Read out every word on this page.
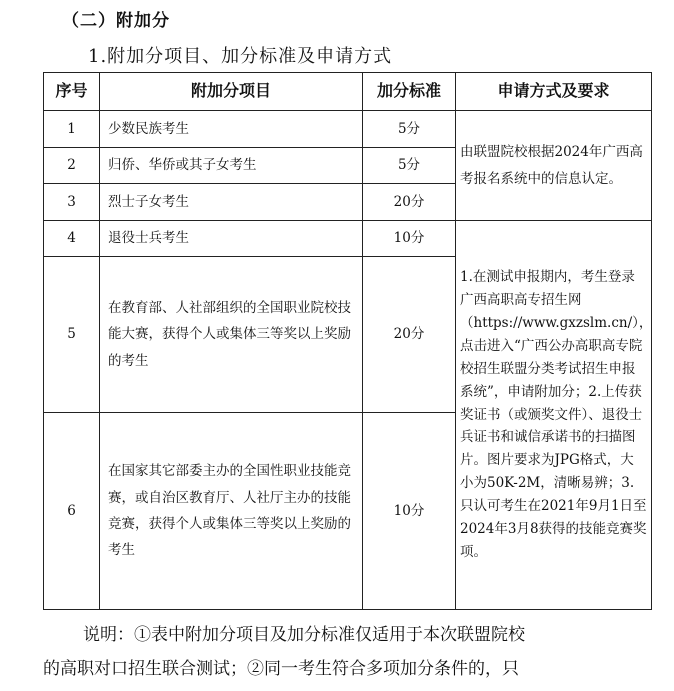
（二）附加分
1.附加分项目、加分标准及申请方式
序号	附加分项目	加分标准	申请方式及要求
1	少数民族考生	5分	由联盟院校根据2024年广西高考报名系统中的信息认定。

2	归侨、华侨或其子女考生	5分	
3	烈士子女考生	20分	
4	退役士兵考生	10分	1.在测试申报期内，考生登录广西高职高专招生网（https://www.gxzslm.cn/），点击进入“广西公办高职高专院校招生联盟分类考试招生申报系统”，申请附加分；2.上传获奖证书（或颁奖文件）、退役士兵证书和诚信承诺书的扫描图片。图片要求为JPG格式，大小为50K-2M，清晰易辨；3.只认可考生在2021年9月1日至2024年3月8获得的技能竞赛奖项。

5	在教育部、人社部组织的全国职业院校技能大赛，获得个人或集体三等奖以上奖励的考生	20分	
6	在国家其它部委主办的全国性职业技能竞赛，或自治区教育厅、人社厅主办的技能竞赛，获得个人或集体三等奖以上奖励的考生	10分	
说明：①表中附加分项目及加分标准仅适用于本次联盟院校
的高职对口招生联合测试；②同一考生符合多项加分条件的，只
